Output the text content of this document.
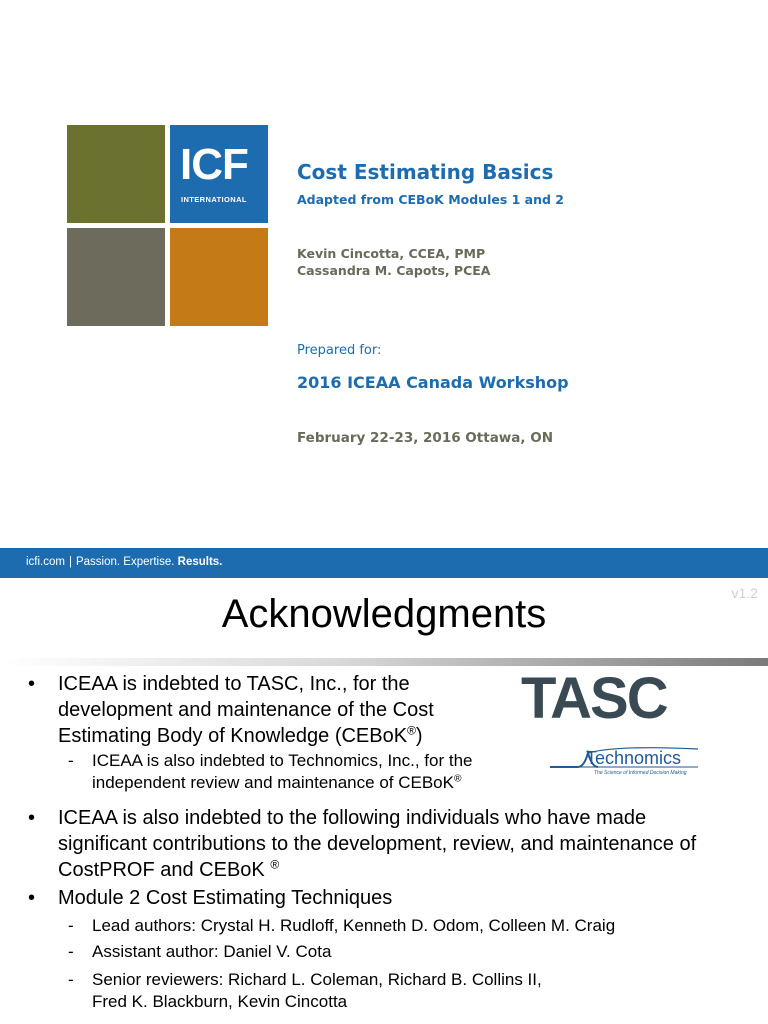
ICF
INTERNATIONAL
Cost Estimating Basics
Adapted from CEBoK Modules 1 and 2
Kevin Cincotta, CCEA, PMP
Cassandra M. Capots, PCEA
Prepared for:
2016 ICEAA Canada Workshop
February 22-23, 2016 Ottawa, ON
icfi.com | Passion. Expertise. Results.
v1.2
Acknowledgments
• ICEAA is indebted to TASC, Inc., for the development and maintenance of the Cost Estimating Body of Knowledge (CEBoK®)
- ICEAA is also indebted to Technomics, Inc., for the independent review and maintenance of CEBoK®
• ICEAA is also indebted to the following individuals who have made significant contributions to the development, review, and maintenance of CostPROF and CEBoK ®
• Module 2 Cost Estimating Techniques
- Lead authors: Crystal H. Rudloff, Kenneth D. Odom, Colleen M. Craig
- Assistant author: Daniel V. Cota
- Senior reviewers: Richard L. Coleman, Richard B. Collins II,
Fred K. Blackburn, Kevin Cincotta
TASC
Technomics
The Science of Informed Decision Making
